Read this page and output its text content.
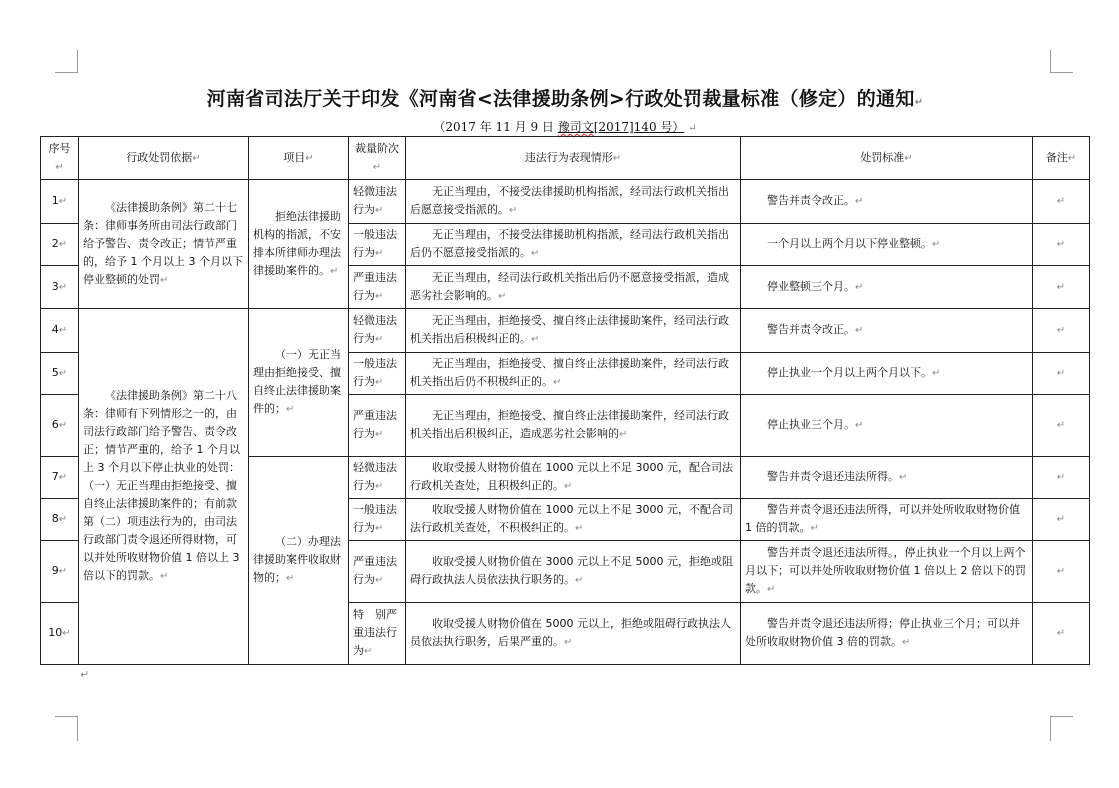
河南省司法厅关于印发《河南省<法律援助条例>行政处罚裁量标准（修定）的通知↵
（2017 年 11 月 9 日 豫司文[2017]140 号） ↵
序号↵	行政处罚依据↵	项目↵	裁量阶次↵	违法行为表现情形↵	处罚标准↵	备注↵
1↵	《法律援助条例》第二十七条：律师事务所由司法行政部门给予警告、责令改正；情节严重的，给予 1 个月以上 3 个月以下停业整顿的处罚↵	拒绝法律援助机构的指派，不安排本所律师办理法律援助案件的。↵	轻微违法行为↵	无正当理由，不接受法律援助机构指派，经司法行政机关指出后愿意接受指派的。↵	警告并责令改正。↵	↵
2↵			一般违法行为↵	无正当理由，不接受法律援助机构指派，经司法行政机关指出后仍不愿意接受指派的。↵	一个月以上两个月以下停业整顿。↵	↵
3↵			严重违法行为↵	无正当理由，经司法行政机关指出后仍不愿意接受指派，造成恶劣社会影响的。↵	停业整顿三个月。↵	↵
4↵	《法律援助条例》第二十八条：律师有下列情形之一的，由司法行政部门给予警告、责令改正；情节严重的，给予 1 个月以上 3 个月以下停止执业的处罚：（一）无正当理由拒绝接受、擅自终止法律援助案件的；有前款第（二）项违法行为的，由司法行政部门责令退还所得财物，可以并处所收财物价值 1 倍以上 3 倍以下的罚款。↵	（一）无正当理由拒绝接受、擅自终止法律援助案件的；↵	轻微违法行为↵	无正当理由，拒绝接受、擅自终止法律援助案件，经司法行政机关指出后积极纠正的。↵	警告并责令改正。↵	↵
5↵			一般违法行为↵	无正当理由，拒绝接受、擅自终止法律援助案件，经司法行政机关指出后仍不积极纠正的。↵	停止执业一个月以上两个月以下。↵	↵
6↵			严重违法行为↵	无正当理由，拒绝接受、擅自终止法律援助案件，经司法行政机关指出后积极纠正，造成恶劣社会影响的↵	停止执业三个月。↵	↵
7↵		（二）办理法律援助案件收取财物的；↵	轻微违法行为↵	收取受援人财物价值在 1000 元以上不足 3000 元，配合司法行政机关查处，且积极纠正的。↵	警告并责令退还违法所得。↵	↵
8↵			一般违法行为↵	收取受援人财物价值在 1000 元以上不足 3000 元，不配合司法行政机关查处，不积极纠正的。↵	警告并责令退还违法所得，可以并处所收取财物价值 1 倍的罚款。↵	↵
9↵			严重违法行为↵	收取受援人财物价值在 3000 元以上不足 5000 元，拒绝或阻碍行政执法人员依法执行职务的。↵	警告并责令退还违法所得。，停止执业一个月以上两个月以下；可以并处所收取财物价值 1 倍以上 2 倍以下的罚款。↵	↵
10↵			特　别严重违法行为↵	收取受援人财物价值在 5000 元以上，拒绝或阻碍行政执法人员依法执行职务，后果严重的。↵	警告并责令退还违法所得；停止执业三个月；可以并处所收取财物价值 3 倍的罚款。↵	↵
↵
